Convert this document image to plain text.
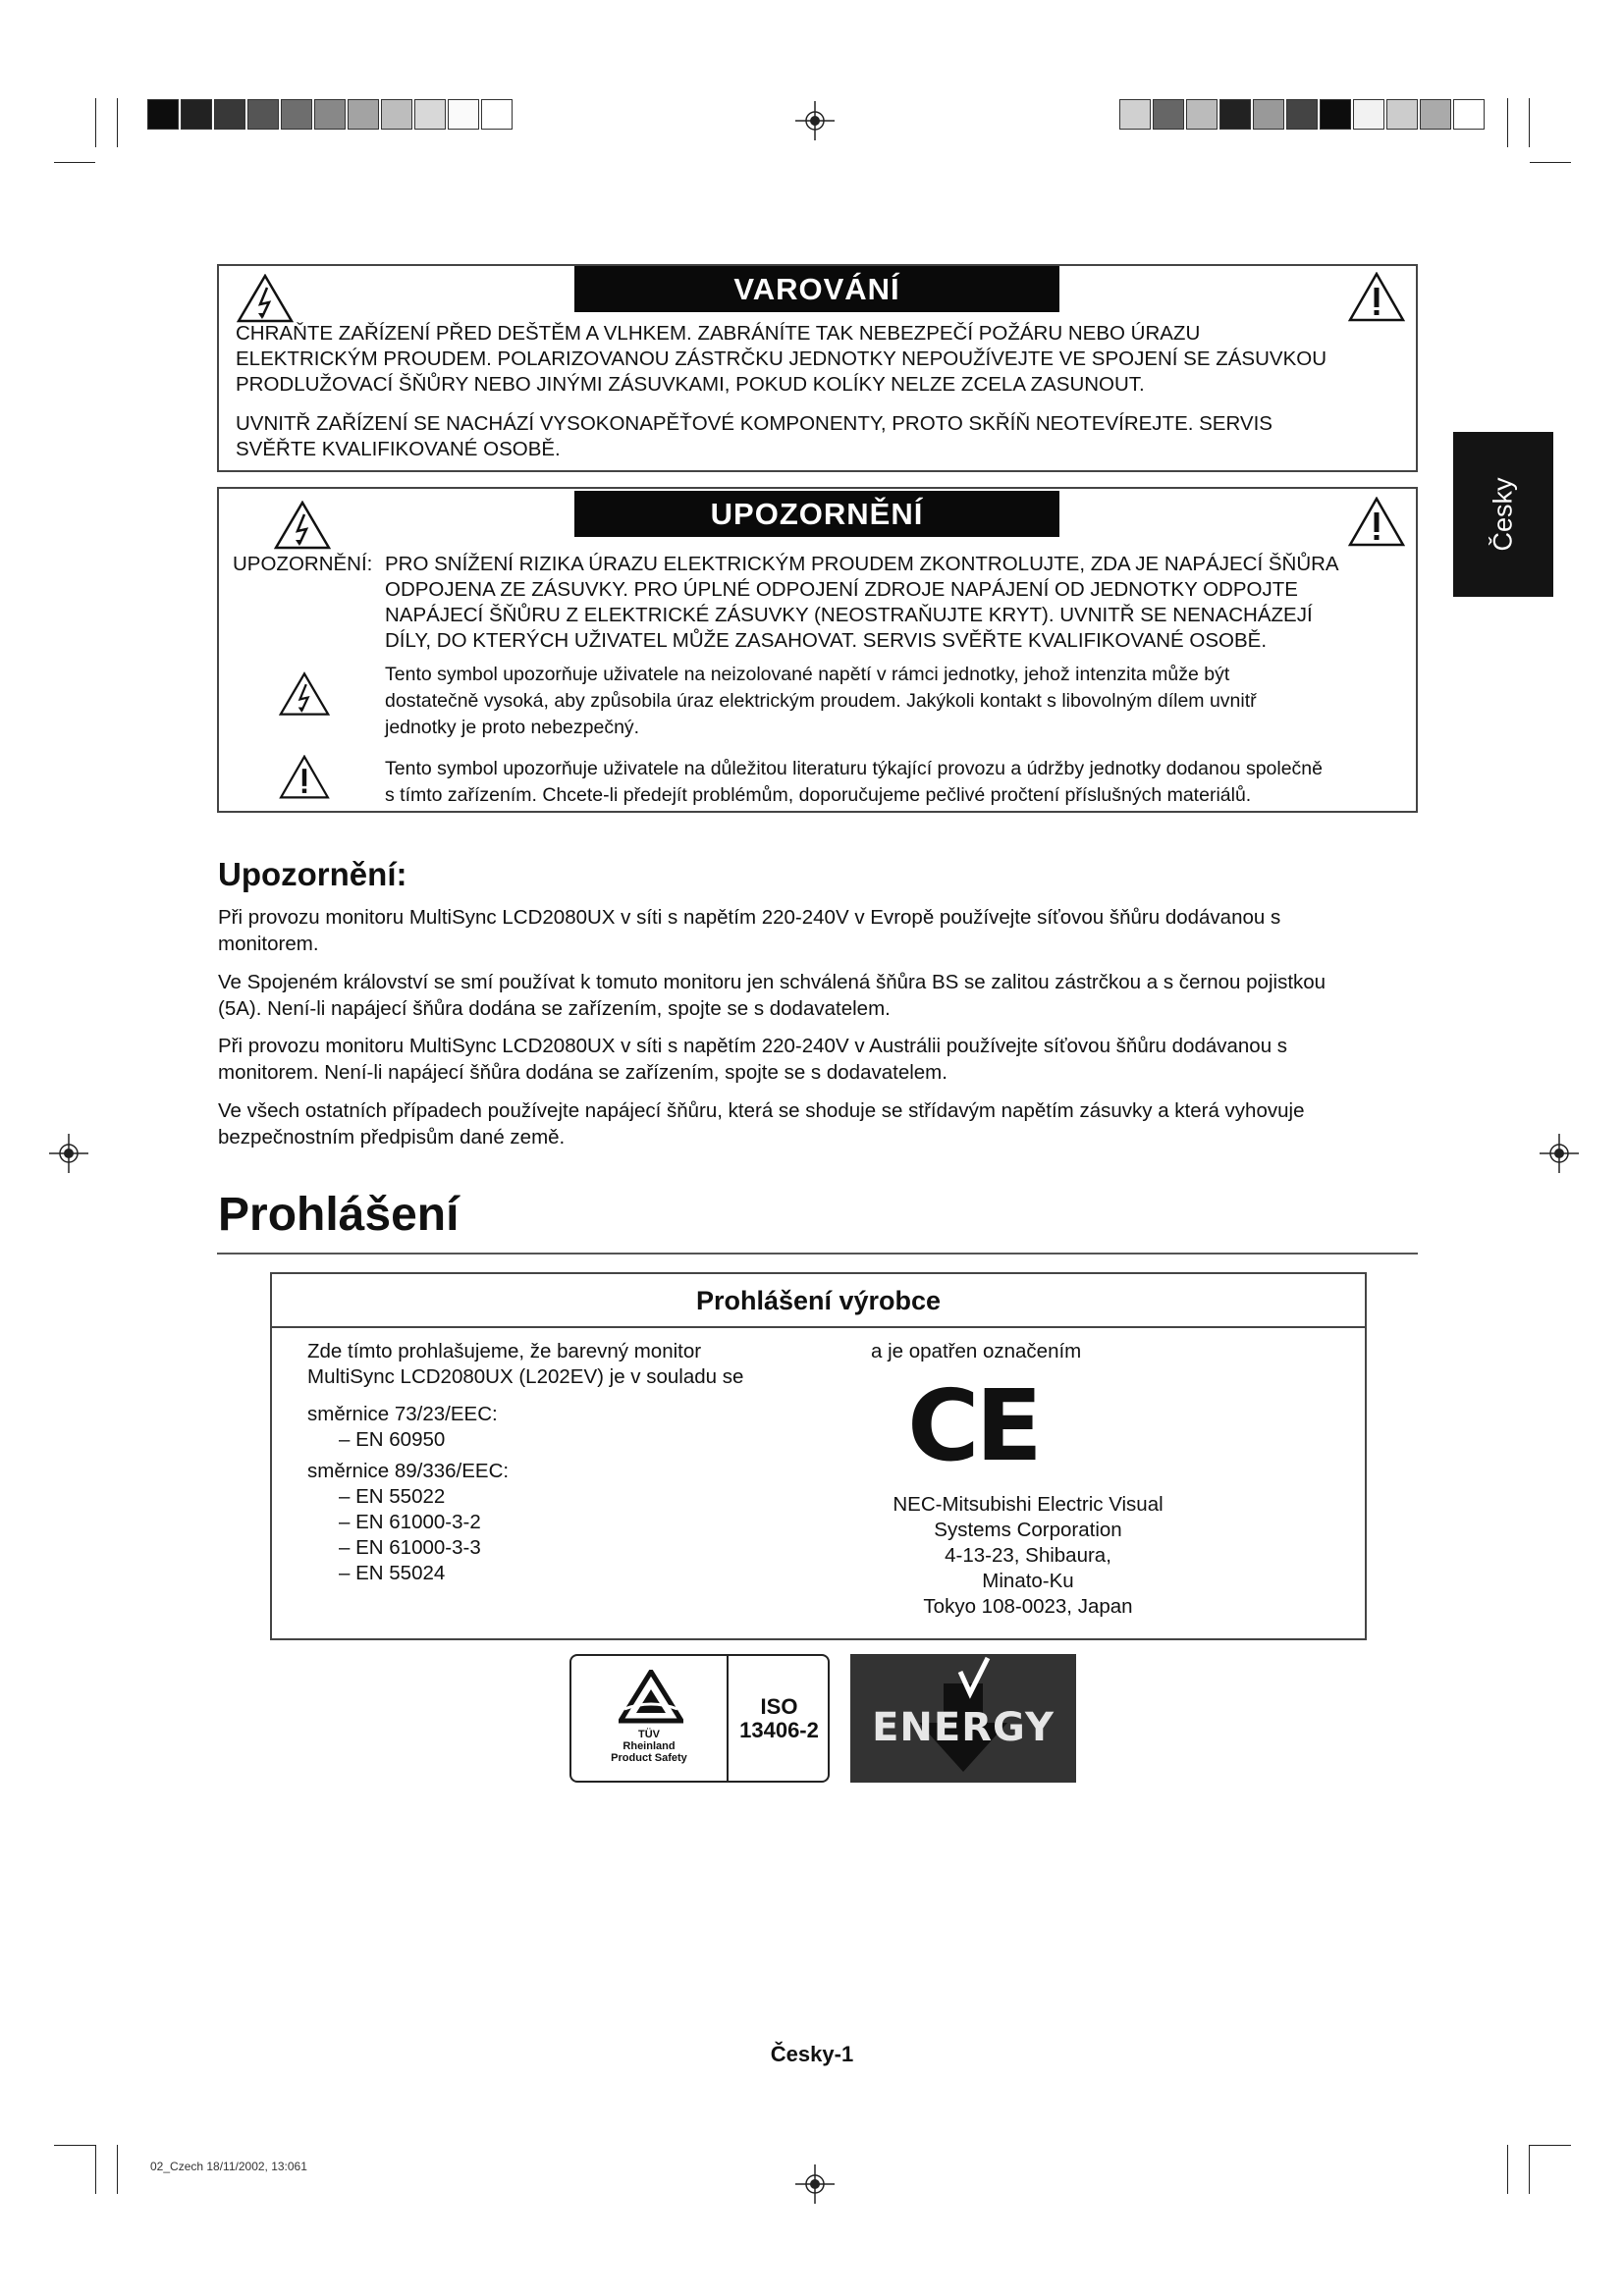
VAROVÁNÍ
CHRAŇTE ZAŘÍZENÍ PŘED DEŠTĚM A VLHKEM. ZABRÁNÍTE TAK NEBEZPEČÍ POŽÁRU NEBO ÚRAZU
ELEKTRICKÝM PROUDEM. POLARIZOVANOU ZÁSTRČKU JEDNOTKY NEPOUŽÍVEJTE VE SPOJENÍ SE ZÁSUVKOU
PRODLUŽOVACÍ ŠŇŮRY NEBO JINÝMI ZÁSUVKAMI, POKUD KOLÍKY NELZE ZCELA ZASUNOUT.
UVNITŘ ZAŘÍZENÍ SE NACHÁZÍ VYSOKONAPĚŤOVÉ KOMPONENTY, PROTO SKŘÍŇ NEOTEVÍREJTE. SERVIS
SVĚŘTE KVALIFIKOVANÉ OSOBĚ.
UPOZORNĚNÍ
UPOZORNĚNÍ: PRO SNÍŽENÍ RIZIKA ÚRAZU ELEKTRICKÝM PROUDEM ZKONTROLUJTE, ZDA JE NAPÁJECÍ ŠŇŮRA
ODPOJENA ZE ZÁSUVKY. PRO ÚPLNÉ ODPOJENÍ ZDROJE NAPÁJENÍ OD JEDNOTKY ODPOJTE
NAPÁJECÍ ŠŇŮRU Z ELEKTRICKÉ ZÁSUVKY (NEOSTRAŇUJTE KRYT). UVNITŘ SE NENACHÁZEJÍ
DÍLY, DO KTERÝCH UŽIVATEL MŮŽE ZASAHOVAT. SERVIS SVĚŘTE KVALIFIKOVANÉ OSOBĚ.
Tento symbol upozorňuje uživatele na neizolované napětí v rámci jednotky, jehož intenzita může být
dostatečně vysoká, aby způsobila úraz elektrickým proudem. Jakýkoli kontakt s libovolným dílem uvnitř
jednotky je proto nebezpečný.
Tento symbol upozorňuje uživatele na důležitou literaturu týkající provozu a údržby jednotky dodanou společně
s tímto zařízením. Chcete-li předejít problémům, doporučujeme pečlivé pročtení příslušných materiálů.
Česky
Upozornění:
Při provozu monitoru MultiSync LCD2080UX v síti s napětím 220-240V v Evropě používejte síťovou šňůru dodávanou s
monitorem.
Ve Spojeném království se smí používat k tomuto monitoru jen schválená šňůra BS se zalitou zástrčkou a s černou pojistkou
(5A). Není-li napájecí šňůra dodána se zařízením, spojte se s dodavatelem.
Při provozu monitoru MultiSync LCD2080UX v síti s napětím 220-240V v Austrálii používejte síťovou šňůru dodávanou s
monitorem. Není-li napájecí šňůra dodána se zařízením, spojte se s dodavatelem.
Ve všech ostatních případech používejte napájecí šňůru, která se shoduje se střídavým napětím zásuvky a která vyhovuje
bezpečnostním předpisům dané země.
Prohlášení
Prohlášení výrobce
Zde tímto prohlašujeme, že barevný monitor
MultiSync LCD2080UX (L202EV) je v souladu se
směrnice 73/23/EEC:
– EN 60950
směrnice 89/336/EEC:
– EN 55022
– EN 61000-3-2
– EN 61000-3-3
– EN 55024
a je opatřen označením
CE
NEC-Mitsubishi Electric Visual
Systems Corporation
4-13-23, Shibaura,
Minato-Ku
Tokyo 108-0023, Japan
TÜV
Rheinland
Product Safety
ISO
13406-2	ENERGY
Česky-1
02_Czech 18/11/2002, 13:061
